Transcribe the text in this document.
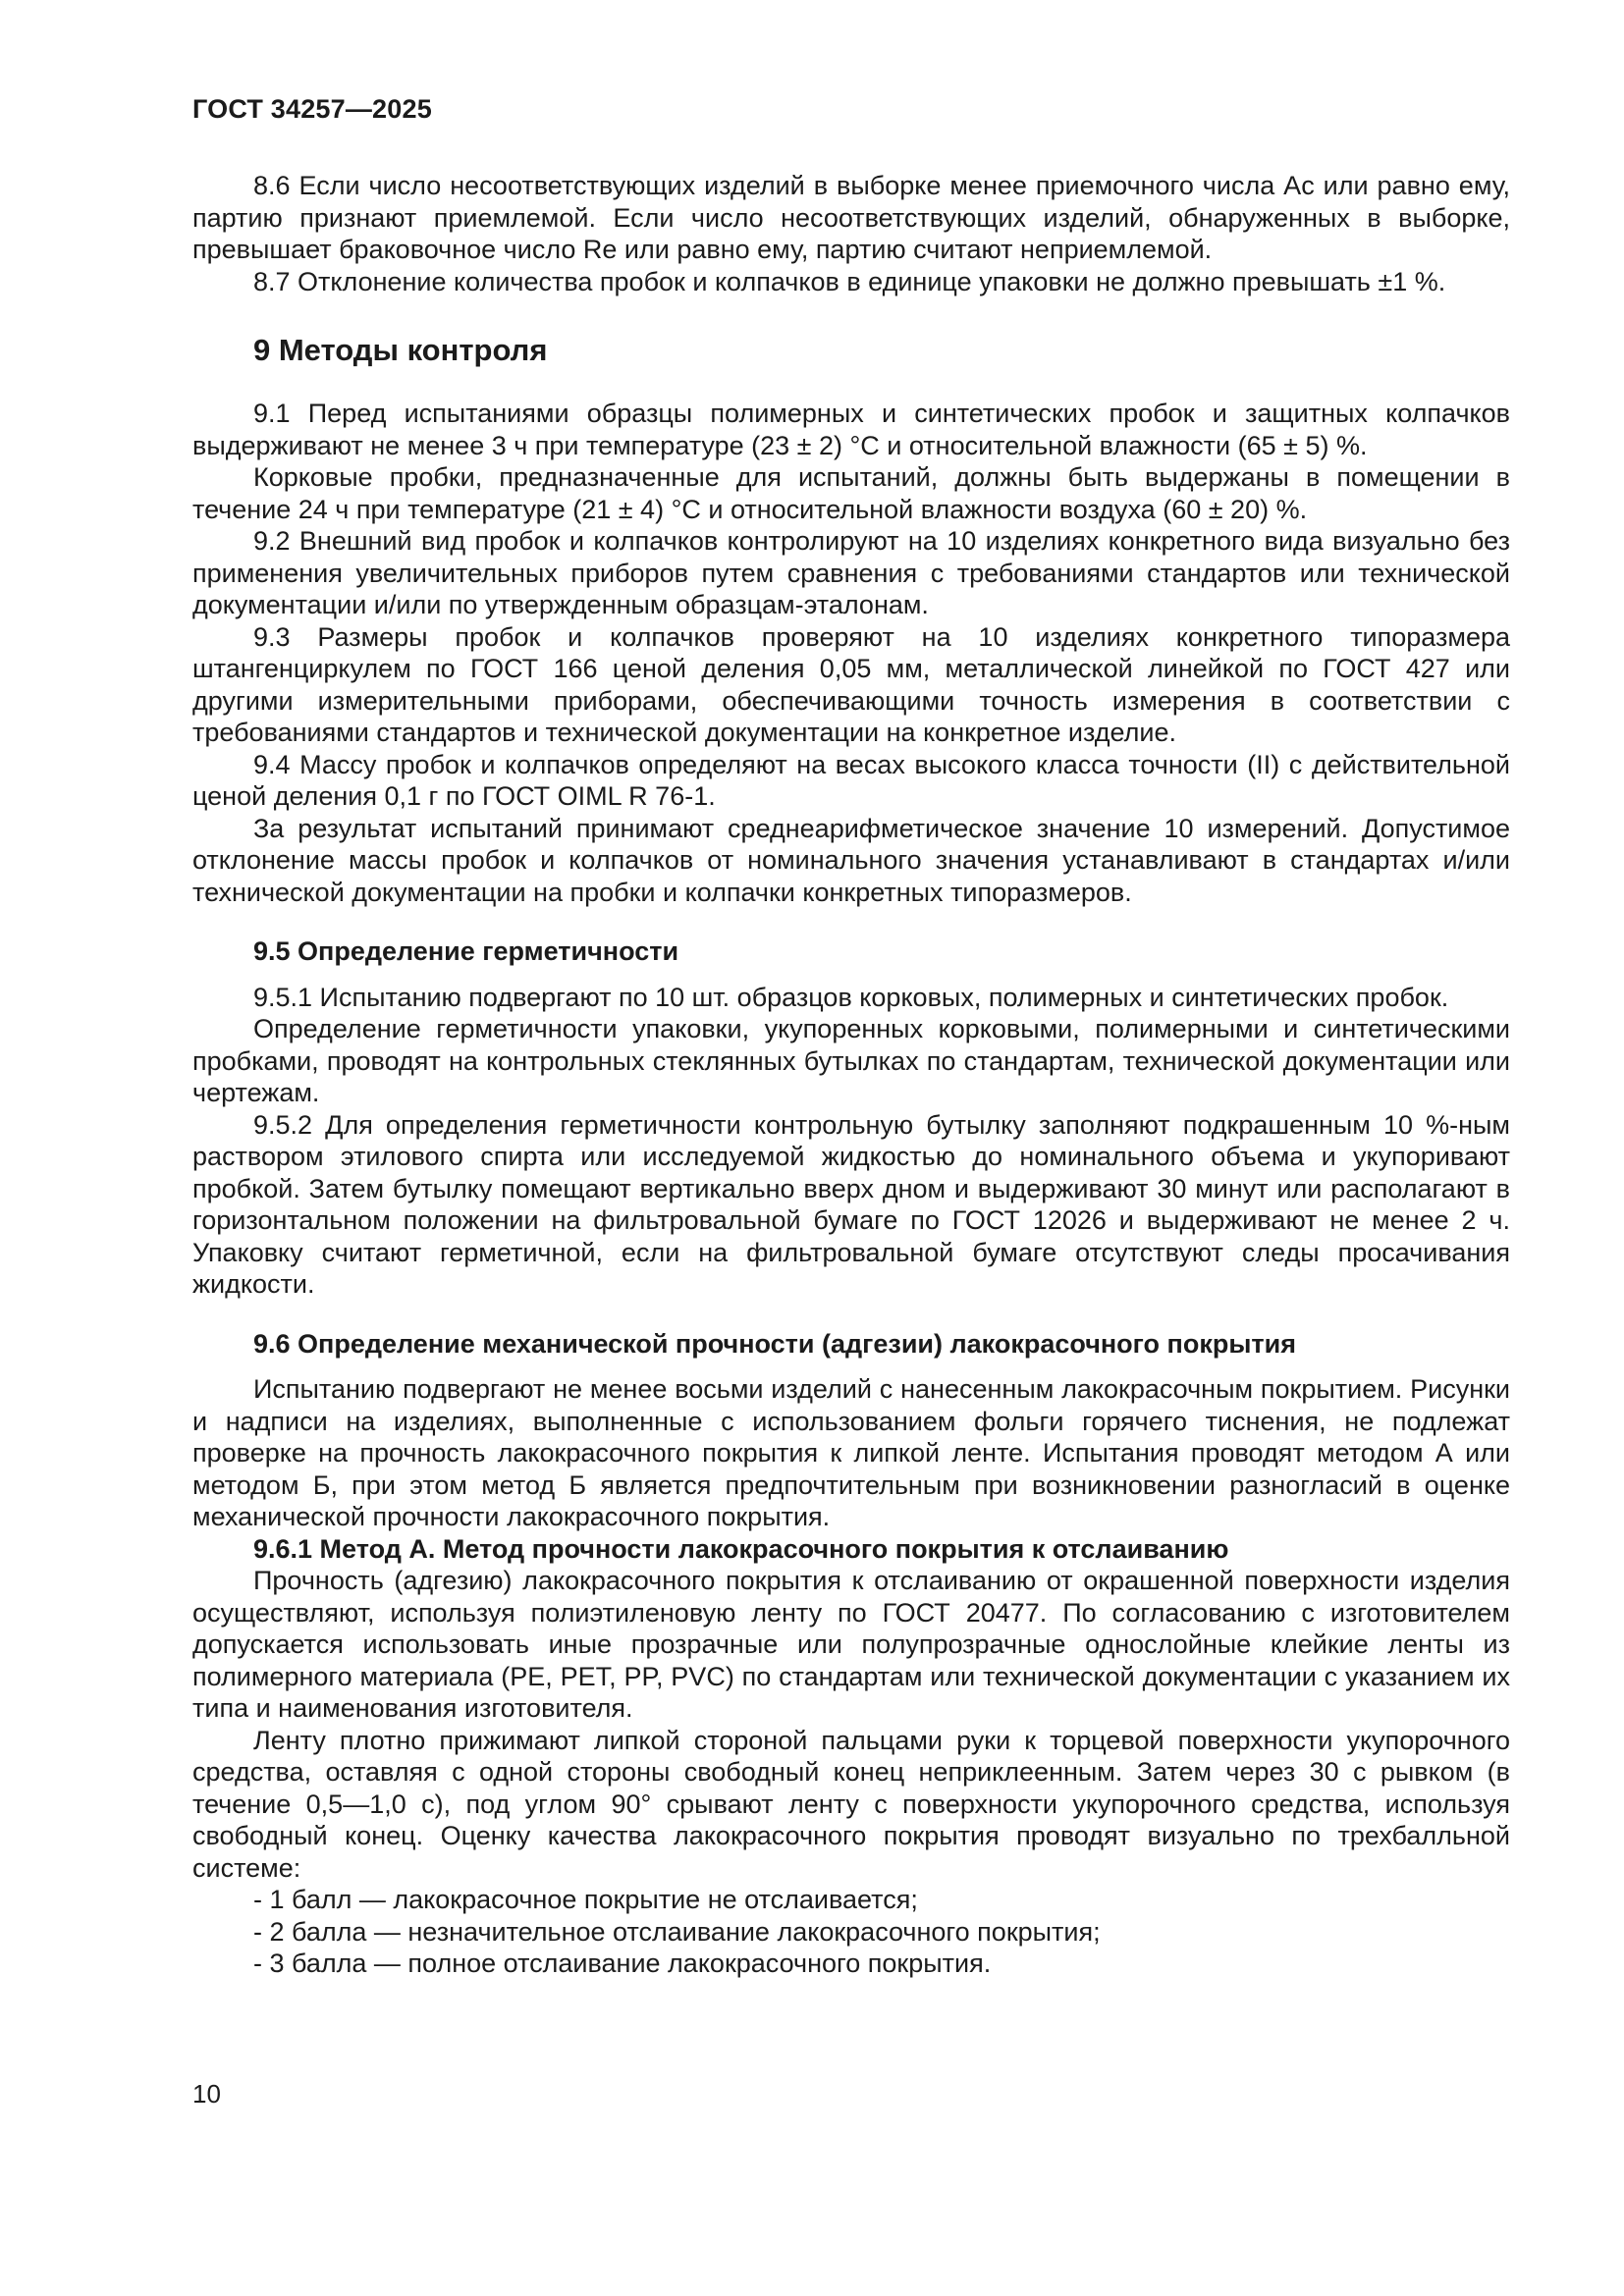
ГОСТ 34257—2025

8.6 Если число несоответствующих изделий в выборке менее приемочного числа Ac или равно ему, партию признают приемлемой. Если число несоответствующих изделий, обнаруженных в выборке, превышает браковочное число Re или равно ему, партию считают неприемлемой.

8.7 Отклонение количества пробок и колпачков в единице упаковки не должно превышать ±1 %.

9 Методы контроля

9.1 Перед испытаниями образцы полимерных и синтетических пробок и защитных колпачков выдерживают не менее 3 ч при температуре (23 ± 2) °C и относительной влажности (65 ± 5) %.

Корковые пробки, предназначенные для испытаний, должны быть выдержаны в помещении в течение 24 ч при температуре (21 ± 4) °C и относительной влажности воздуха (60 ± 20) %.

9.2 Внешний вид пробок и колпачков контролируют на 10 изделиях конкретного вида визуально без применения увеличительных приборов путем сравнения с требованиями стандартов или технической документации и/или по утвержденным образцам-эталонам.

9.3 Размеры пробок и колпачков проверяют на 10 изделиях конкретного типоразмера штангенциркулем по ГОСТ 166 ценой деления 0,05 мм, металлической линейкой по ГОСТ 427 или другими измерительными приборами, обеспечивающими точность измерения в соответствии с требованиями стандартов и технической документации на конкретное изделие.

9.4 Массу пробок и колпачков определяют на весах высокого класса точности (II) с действительной ценой деления 0,1 г по ГОСТ OIML R 76-1.

За результат испытаний принимают среднеарифметическое значение 10 измерений. Допустимое отклонение массы пробок и колпачков от номинального значения устанавливают в стандартах и/или технической документации на пробки и колпачки конкретных типоразмеров.

9.5 Определение герметичности

9.5.1 Испытанию подвергают по 10 шт. образцов корковых, полимерных и синтетических пробок.

Определение герметичности упаковки, укупоренных корковыми, полимерными и синтетическими пробками, проводят на контрольных стеклянных бутылках по стандартам, технической документации или чертежам.

9.5.2 Для определения герметичности контрольную бутылку заполняют подкрашенным 10 %-ным раствором этилового спирта или исследуемой жидкостью до номинального объема и укупоривают пробкой. Затем бутылку помещают вертикально вверх дном и выдерживают 30 минут или располагают в горизонтальном положении на фильтровальной бумаге по ГОСТ 12026 и выдерживают не менее 2 ч. Упаковку считают герметичной, если на фильтровальной бумаге отсутствуют следы просачивания жидкости.

9.6 Определение механической прочности (адгезии) лакокрасочного покрытия

Испытанию подвергают не менее восьми изделий с нанесенным лакокрасочным покрытием. Рисунки и надписи на изделиях, выполненные с использованием фольги горячего тиснения, не подлежат проверке на прочность лакокрасочного покрытия к липкой ленте. Испытания проводят методом А или методом Б, при этом метод Б является предпочтительным при возникновении разногласий в оценке механической прочности лакокрасочного покрытия.

9.6.1 Метод А. Метод прочности лакокрасочного покрытия к отслаиванию

Прочность (адгезию) лакокрасочного покрытия к отслаиванию от окрашенной поверхности изделия осуществляют, используя полиэтиленовую ленту по ГОСТ 20477. По согласованию с изготовителем допускается использовать иные прозрачные или полупрозрачные однослойные клейкие ленты из полимерного материала (PE, PET, PP, PVC) по стандартам или технической документации с указанием их типа и наименования изготовителя.

Ленту плотно прижимают липкой стороной пальцами руки к торцевой поверхности укупорочного средства, оставляя с одной стороны свободный конец неприклеенным. Затем через 30 с рывком (в течение 0,5—1,0 с), под углом 90° срывают ленту с поверхности укупорочного средства, используя свободный конец. Оценку качества лакокрасочного покрытия проводят визуально по трехбалльной системе:

- 1 балл — лакокрасочное покрытие не отслаивается;

- 2 балла — незначительное отслаивание лакокрасочного покрытия;

- 3 балла — полное отслаивание лакокрасочного покрытия.

10
